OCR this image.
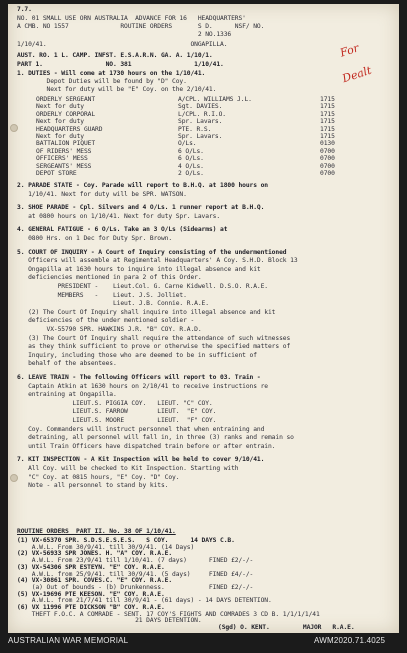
7.7.
NO. 01 SMALL USE ORN AUSTRALIA  ADVANCE FOR 16   HEADQUARTERS'
A CMB. NO 1557              ROUTINE ORDERS       S D.      NSF/ NO.
2 NO.1336
1/10/41.                                       ONGAPILLA.
AUST. RO. 1 L. CAMP. INFST. E.S.A.R.N. GA. A. 1/10/1.
PART 1.                 NO. 381                 1/10/41.
1. DUTIES - Will come at 1730 hours on the 1/10/41.
Depot Duties will be found by "D" Coy.
Next for duty will be "E" Coy. on the 2/10/41.
ROUTINE ORDERS  PART II. No. 38 OF 1/10/41.
(Sgd) O. KENT.         MAJOR   R.A.E.
For
Dealt
ORDERLY SERGEANT	A/CPL. WILLIAMS J.L.	1715
Next for duty	Sgt. DAVIES.	1715
ORDERLY CORPORAL	L/CPL. R.I.O.	1715
Next for duty	Spr. Lavars.	1715
HEADQUARTERS GUARD	PTE. R.S.	1715
Next for duty	Spr. Lavars.	1715
BATTALION PIQUET	O/Ls.	0130
OF RIDERS' MESS	6 O/Ls.	0700
OFFICERS' MESS	6 O/Ls.	0700
SERGEANTS' MESS	4 O/Ls.	0700
DEPOT STORE	2 O/Ls.	0700
2. PARADE STATE - Coy. Parade will report to B.H.Q. at 1800 hours on
1/10/41. Next for duty will be SPR. WATSON.
3. SHOE PARADE - Cpl. Silvers and 4 O/Ls. 1 runner report at B.H.Q.
at 0800 hours on 1/10/41. Next for duty Spr. Lavars.
4. GENERAL FATIGUE - 6 O/Ls. Take an 3 O/Ls (Sidearms) at
0800 Hrs. on 1 Dec for Duty Spr. Brown.
5. COURT OF INQUIRY - A Court of Inquiry consisting of the undermentioned
Officers will assemble at Regimental Headquarters' A Coy. S.H.D. Block 13
Ongapilla at 1630 hours to inquire into illegal absence and kit
deficiencies mentioned in para 2 of this Order.
PRESIDENT -    Lieut.Col. G. Carne Kidwell. D.S.O. R.A.E.
MEMBERS   -    Lieut. J.S. Jolliet.
Lieut. J.B. Connie. R.A.E.
(2) The Court Of Inquiry shall inquire into illegal absence and kit
deficiencies of the under mentioned soldier -
VX-55790 SPR. HAWKINS J.R. "B" COY. R.A.D.
(3) The Court Of Inquiry shall require the attendance of such witnesses
as they think sufficient to prove or otherwise the specified matters of
Inquiry, including those who are deemed to be in sufficient of
behalf of the absentees.
6. LEAVE TRAIN - The following Officers will report to 03. Train -
Captain Atkin at 1630 hours on 2/10/41 to receive instructions re
entraining at Ongapilla.
LIEUT.S. PIGGIA COY.   LIEUT. "C" COY.
LIEUT.S. FARROW        LIEUT.  "E" COY.
LIEUT.S. MOORE         LIEUT.  "F" COY.
Coy. Commanders will instruct personnel that when entraining and
detraining, all personnel will fall in, in three (3) ranks and remain so
until Train Officers have dispatched train before or after entrain.
7. KIT INSPECTION - A Kit Inspection will be held to cover 9/10/41.
All Coy. will be checked to Kit Inspection. Starting with
"C" Coy. at 0815 hours, "E" Coy. "D" Coy.
Note - all personnel to stand by kits.
(1) VX-65370 SPR. S.D.S.E.S.E.S.   S COY.      14 DAYS C.B.
A.W.L. From 30/9/41. till 30/9/41. (14 Days)
(2) VX-56933 SPR JONES. H. "A" COY. R.A.E.
A.W.L. From 23/9/41 till 1/10/41. (7 days)      FINED £2/-/-
(3) VX-54306 SPR ESTEYN. "E" COY. R.A.E.
A.W.L. from 25/9/41. till 30/9/41. (5 days)     FINED £4/-/-
(4) VX-30861 SPR. COVES.C. "E" COY. R.A.E.
(a) Out of bounds - (b) Drunkenness.            FINED £2/-/-
(5) VX-19696 PTE KEESON. "E" COY. R.A.E.
A.W.L. from 21/7/41 till 30/9/41 - (61 days) - 14 DAYS DETENTION.
(6) VX 11996 PTE DICKSON "B" COY. R.A.E.
THEFT F.O.C. A COMRADE - SENT. 17 COY'S FIGHTS AND COMRADES 3 CD B. 1/1/1/1/41
21 DAYS DETENTION.
AUSTRALIAN WAR MEMORIAL	AWM2020.71.4025
